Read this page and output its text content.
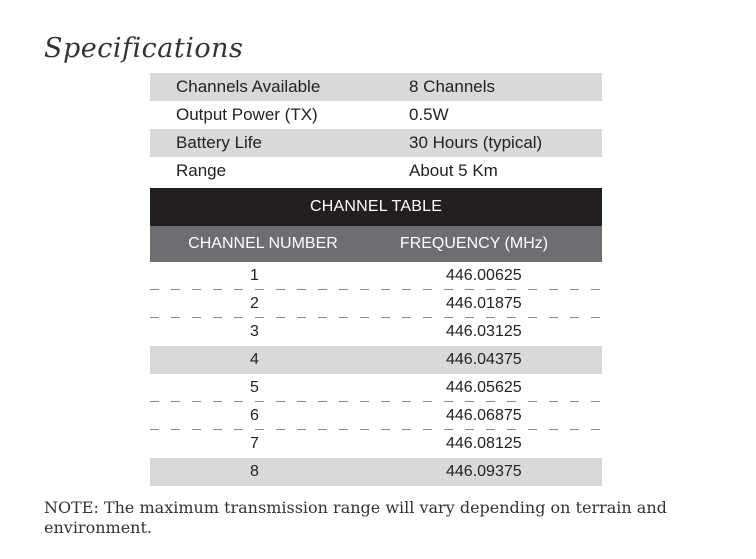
Specifications
Channels Available	8 Channels
Output Power (TX)	0.5W
Battery Life	30 Hours (typical)
Range	About 5 Km
CHANNEL TABLE
CHANNEL NUMBER	FREQUENCY (MHz)
1	446.00625
2	446.01875
3	446.03125
4	446.04375
5	446.05625
6	446.06875
7	446.08125
8	446.09375

NOTE: The maximum transmission range will vary depending on terrain and environment.
